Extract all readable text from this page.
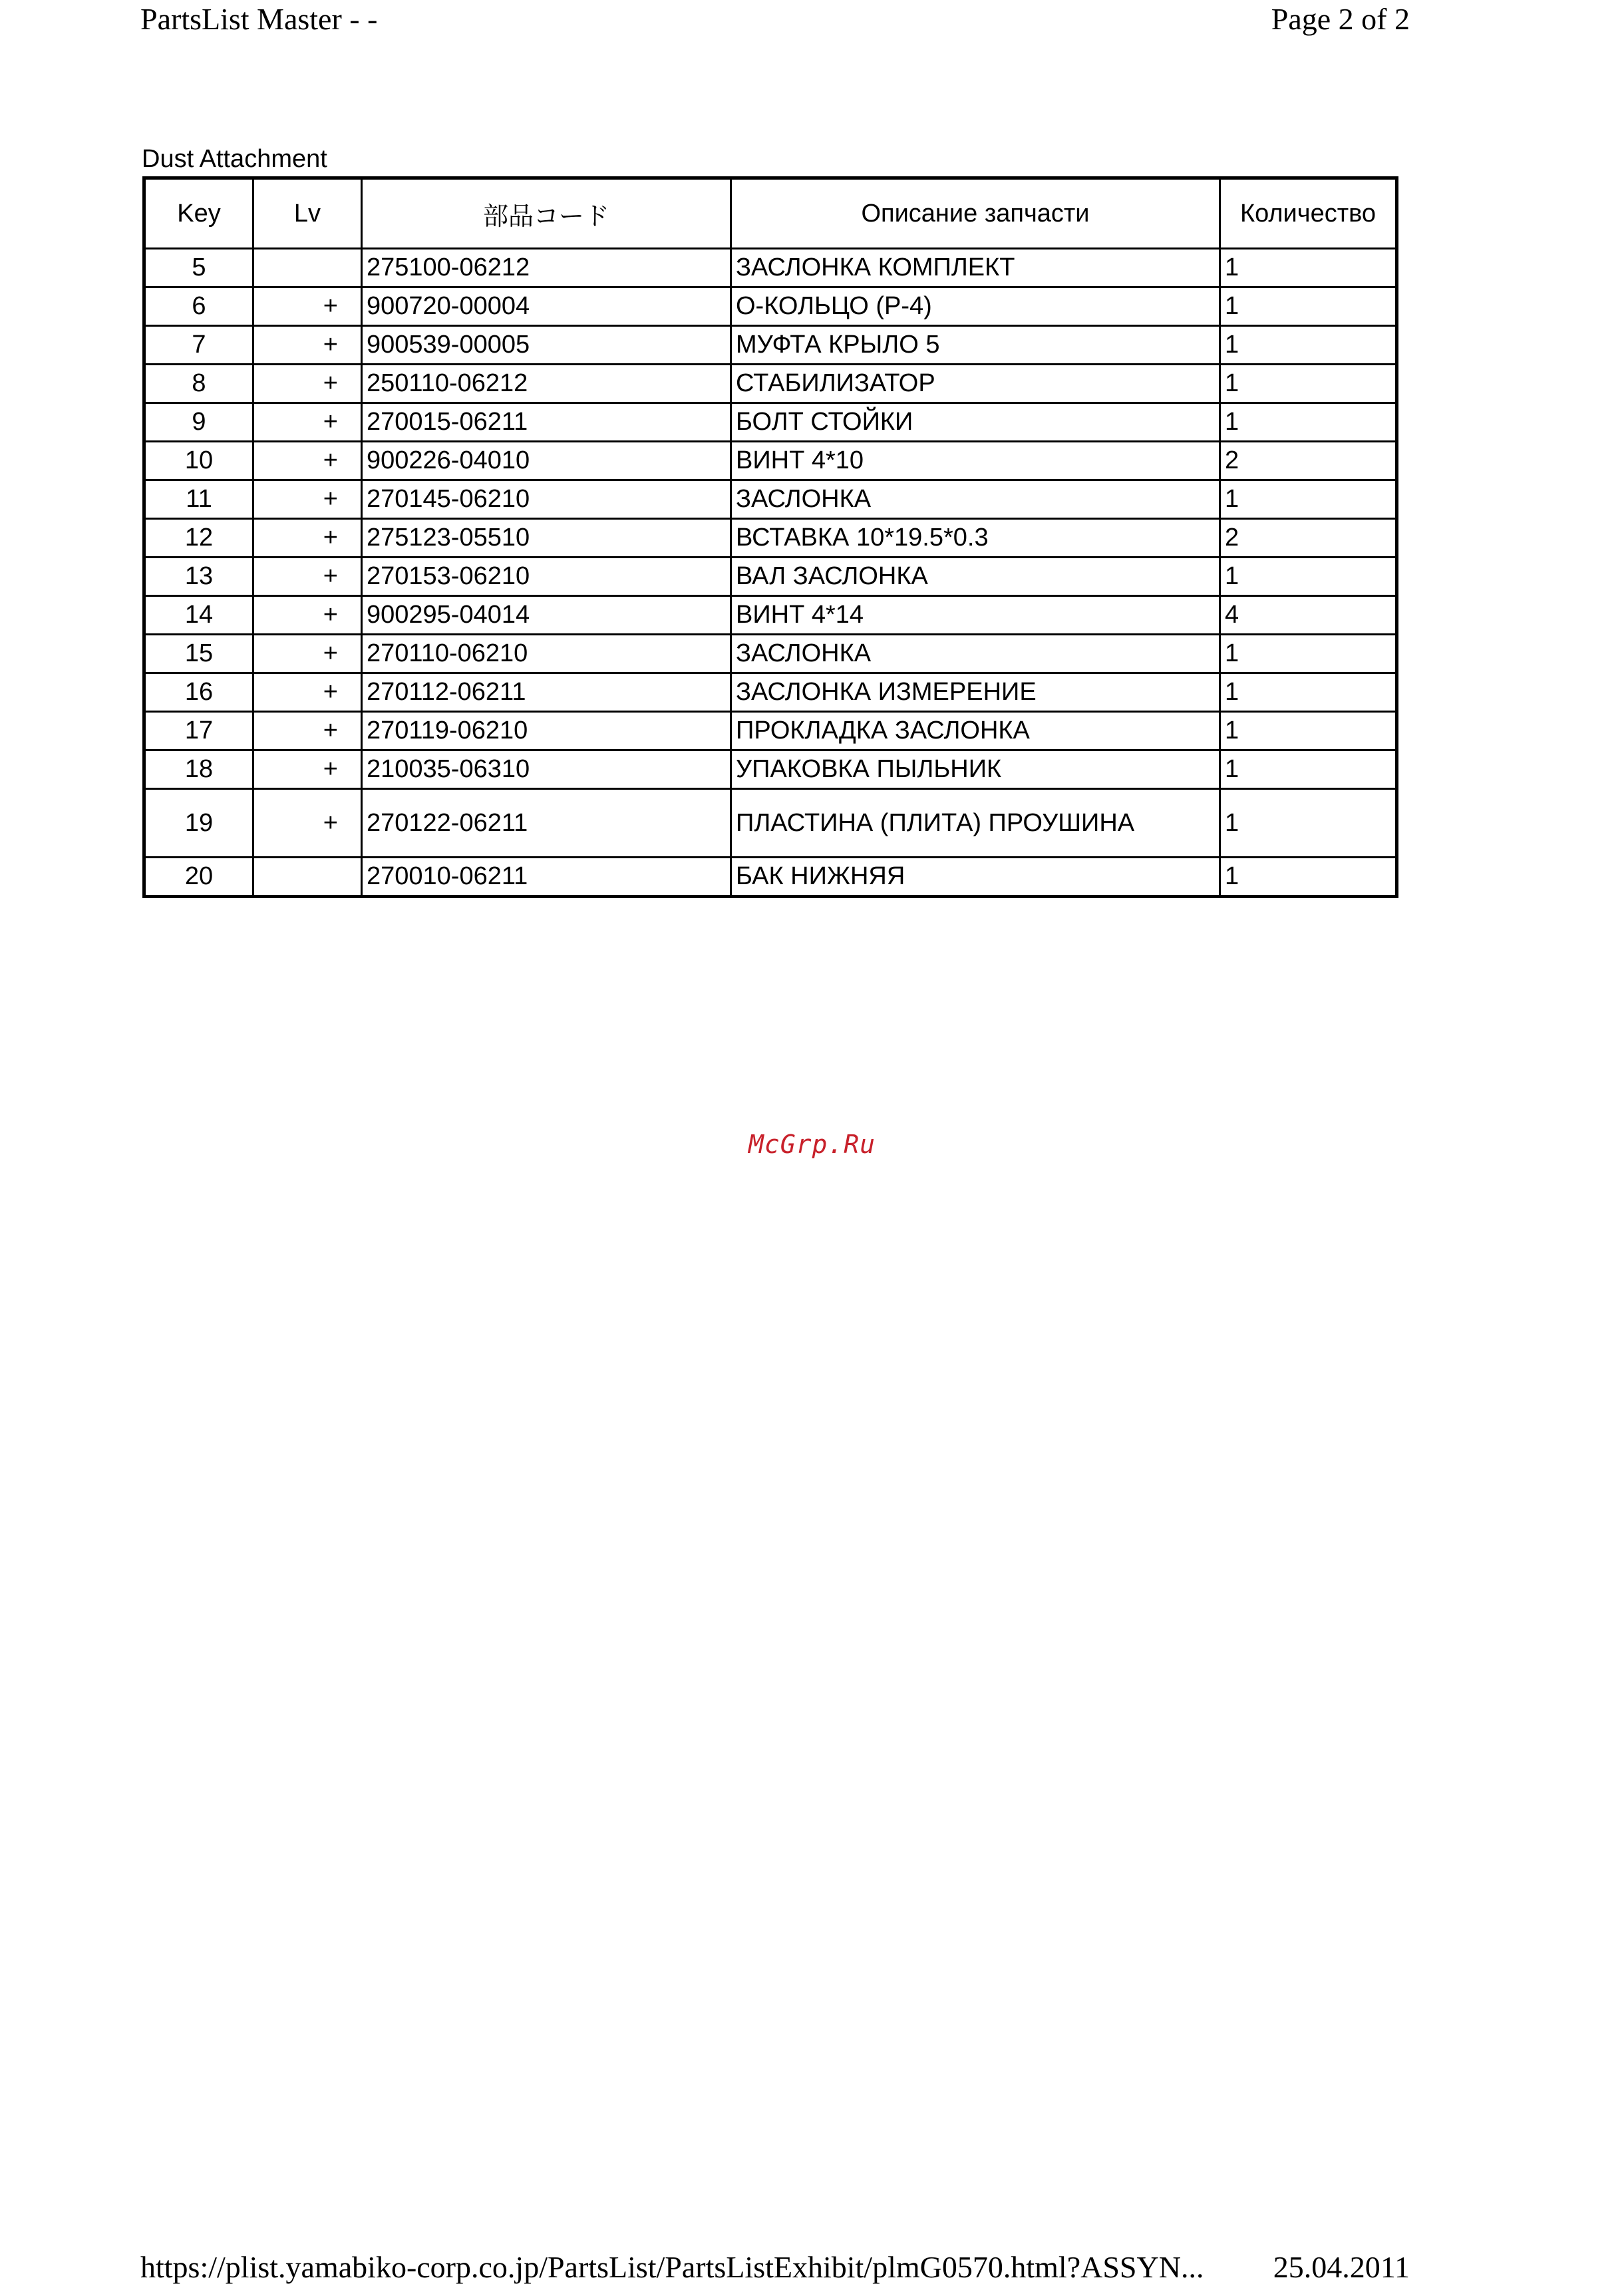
PartsList Master - -	Page 2 of 2
Dust Attachment
Key	Lv	部品コード	Описание запчасти	Количество
5		275100-06212	ЗАСЛОНКА КОМПЛЕКТ	1
6	+	900720-00004	О-КОЛЬЦО (P-4)	1
7	+	900539-00005	МУФТА КРЫЛО 5	1
8	+	250110-06212	СТАБИЛИЗАТОР	1
9	+	270015-06211	БОЛТ СТОЙКИ	1
10	+	900226-04010	ВИНТ 4*10	2
11	+	270145-06210	ЗАСЛОНКА	1
12	+	275123-05510	ВСТАВКА 10*19.5*0.3	2
13	+	270153-06210	ВАЛ ЗАСЛОНКА	1
14	+	900295-04014	ВИНТ 4*14	4
15	+	270110-06210	ЗАСЛОНКА	1
16	+	270112-06211	ЗАСЛОНКА ИЗМЕРЕНИЕ	1
17	+	270119-06210	ПРОКЛАДКА ЗАСЛОНКА	1
18	+	210035-06310	УПАКОВКА ПЫЛЬНИК	1
19	+	270122-06211	ПЛАСТИНА (ПЛИТА) ПРОУШИНА	1
20		270010-06211	БАК НИЖНЯЯ	1
McGrp.Ru
https://plist.yamabiko-corp.co.jp/PartsList/PartsListExhibit/plmG0570.html?ASSYN... 25.04.2011
